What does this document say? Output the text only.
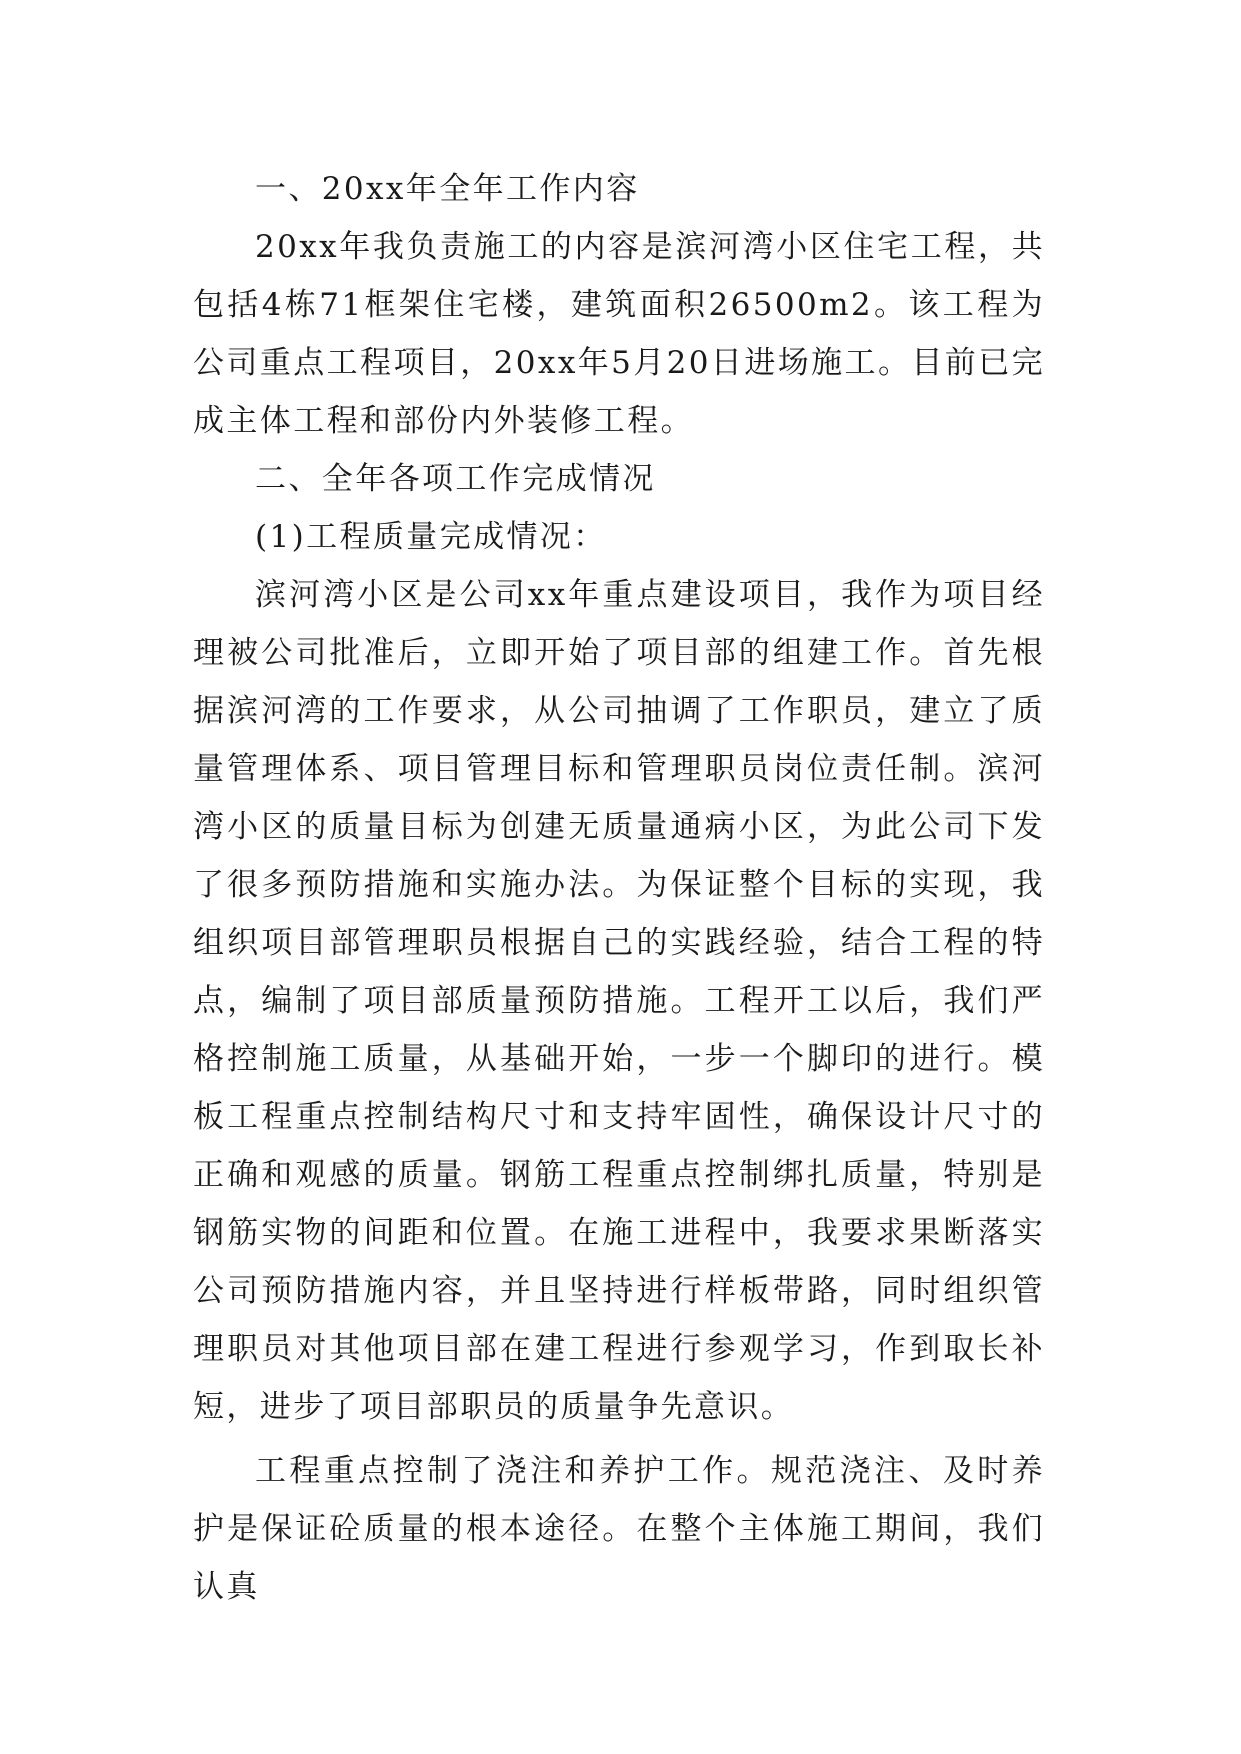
一、20xx年全年工作内容

20xx年我负责施工的内容是滨河湾小区住宅工程，共包括4栋71框架住宅楼，建筑面积26500m2。该工程为公司重点工程项目，20xx年5月20日进场施工。目前已完成主体工程和部份内外装修工程。

二、全年各项工作完成情况

(1)工程质量完成情况：

滨河湾小区是公司xx年重点建设项目，我作为项目经理被公司批准后，立即开始了项目部的组建工作。首先根据滨河湾的工作要求，从公司抽调了工作职员，建立了质量管理体系、项目管理目标和管理职员岗位责任制。滨河湾小区的质量目标为创建无质量通病小区，为此公司下发了很多预防措施和实施办法。为保证整个目标的实现，我组织项目部管理职员根据自己的实践经验，结合工程的特点，编制了项目部质量预防措施。工程开工以后，我们严格控制施工质量，从基础开始，一步一个脚印的进行。模板工程重点控制结构尺寸和支持牢固性，确保设计尺寸的正确和观感的质量。钢筋工程重点控制绑扎质量，特别是钢筋实物的间距和位置。在施工进程中，我要求果断落实公司预防措施内容，并且坚持进行样板带路，同时组织管理职员对其他项目部在建工程进行参观学习，作到取长补短，进步了项目部职员的质量争先意识。

工程重点控制了浇注和养护工作。规范浇注、及时养护是保证砼质量的根本途径。在整个主体施工期间，我们认真
